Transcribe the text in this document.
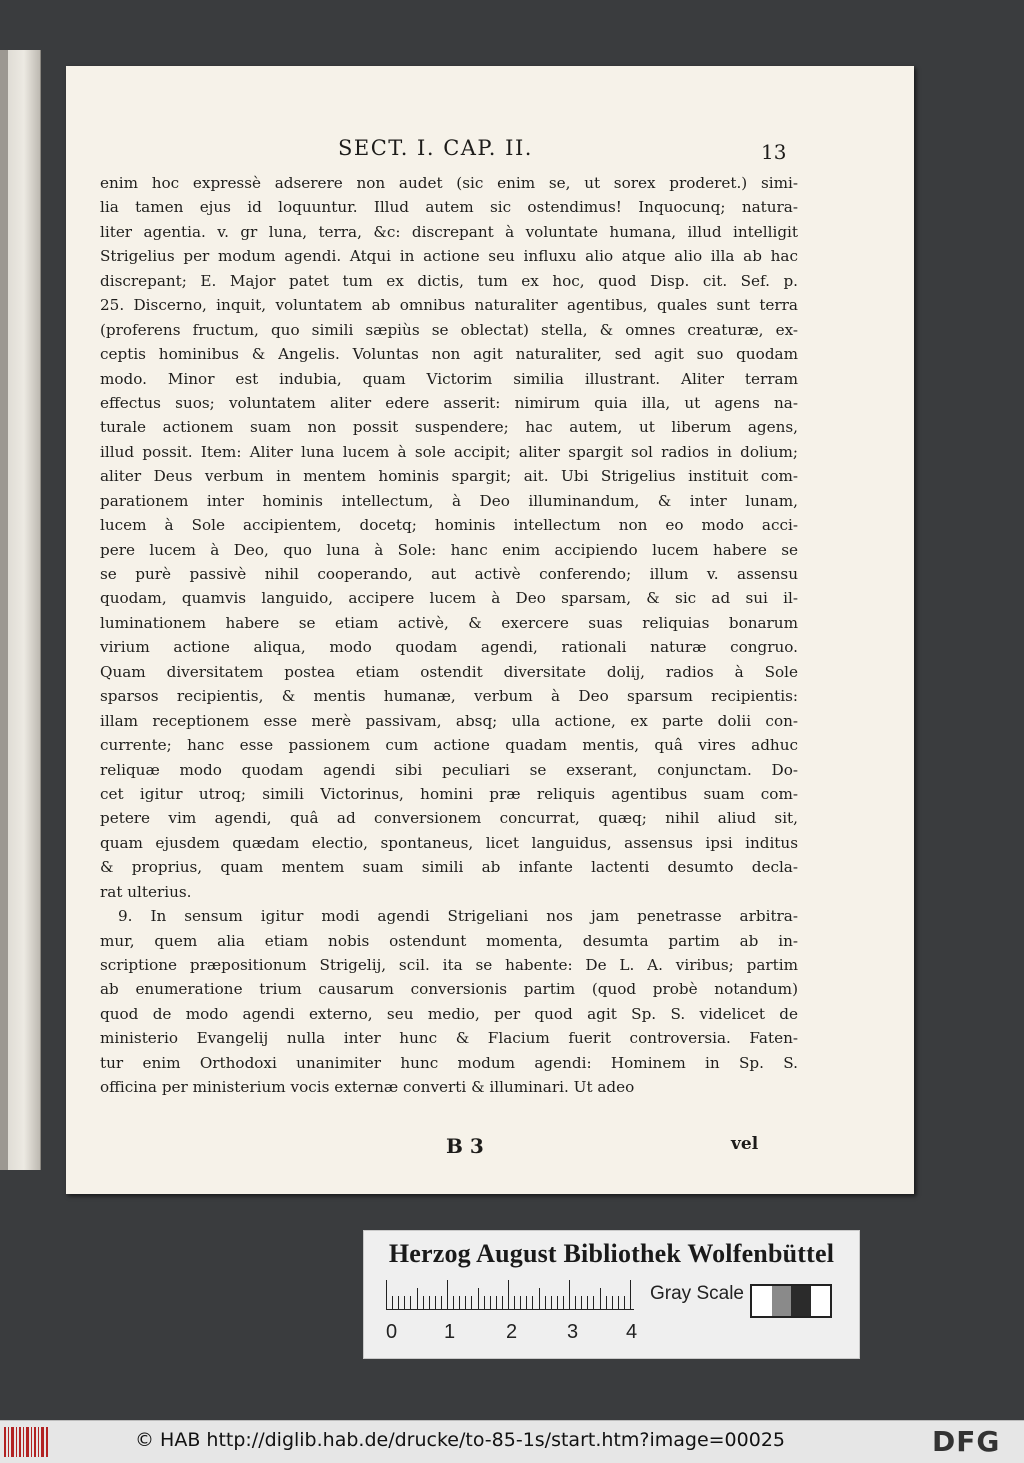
SECT. I. CAP. II.	13
enim hoc expressè adserere non audet (sic enim se, ut sorex proderet.) simi-
lia tamen ejus id loquuntur. Illud autem sic ostendimus! Inquocunq; natura-
liter agentia. v. gr luna, terra, &c: discrepant à voluntate humana, illud intelligit
Strigelius per modum agendi. Atqui in actione seu influxu alio atque alio illa ab hac
discrepant; E. Major patet tum ex dictis, tum ex hoc, quod Disp. cit. Sef. p.
25. Discerno, inquit, voluntatem ab omnibus naturaliter agentibus, quales sunt terra
(proferens fructum, quo simili sæpiùs se oblectat) stella, & omnes creaturæ, ex-
ceptis hominibus & Angelis. Voluntas non agit naturaliter, sed agit suo quodam
modo. Minor est indubia, quam Victorim similia illustrant. Aliter terram
effectus suos; voluntatem aliter edere asserit: nimirum quia illa, ut agens na-
turale actionem suam non possit suspendere; hac autem, ut liberum agens,
illud possit. Item: Aliter luna lucem à sole accipit; aliter spargit sol radios in dolium;
aliter Deus verbum in mentem hominis spargit; ait. Ubi Strigelius instituit com-
parationem inter hominis intellectum, à Deo illuminandum, & inter lunam,
lucem à Sole accipientem, docetq; hominis intellectum non eo modo acci-
pere lucem à Deo, quo luna à Sole: hanc enim accipiendo lucem habere se
se purè passivè nihil cooperando, aut activè conferendo; illum v. assensu
quodam, quamvis languido, accipere lucem à Deo sparsam, & sic ad sui il-
luminationem habere se etiam activè, & exercere suas reliquias bonarum
virium actione aliqua, modo quodam agendi, rationali naturæ congruo.
Quam diversitatem postea etiam ostendit diversitate dolij, radios à Sole
sparsos recipientis, & mentis humanæ, verbum à Deo sparsum recipientis:
illam receptionem esse merè passivam, absq; ulla actione, ex parte dolii con-
currente; hanc esse passionem cum actione quadam mentis, quâ vires adhuc
reliquæ modo quodam agendi sibi peculiari se exserant, conjunctam. Do-
cet igitur utroq; simili Victorinus, homini præ reliquis agentibus suam com-
petere vim agendi, quâ ad conversionem concurrat, quæq; nihil aliud sit,
quam ejusdem quædam electio, spontaneus, licet languidus, assensus ipsi inditus
& proprius, quam mentem suam simili ab infante lactenti desumto decla-
rat ulterius.
9. In sensum igitur modi agendi Strigeliani nos jam penetrasse arbitra-
mur, quem alia etiam nobis ostendunt momenta, desumta partim ab in-
scriptione præpositionum Strigelij, scil. ita se habente: De L. A. viribus; partim
ab enumeratione trium causarum conversionis partim (quod probè notandum)
quod de modo agendi externo, seu medio, per quod agit Sp. S. videlicet de
ministerio Evangelij nulla inter hunc & Flacium fuerit controversia. Faten-
tur enim Orthodoxi unanimiter hunc modum agendi: Hominem in Sp. S.
officina per ministerium vocis externæ converti & illuminari. Ut adeo
B 3	vel
Herzog August Bibliothek Wolfenbüttel
0 1	2 3 4
Gray Scale
© HAB http://diglib.hab.de/drucke/to-85-1s/start.htm?image=00025	DFG
